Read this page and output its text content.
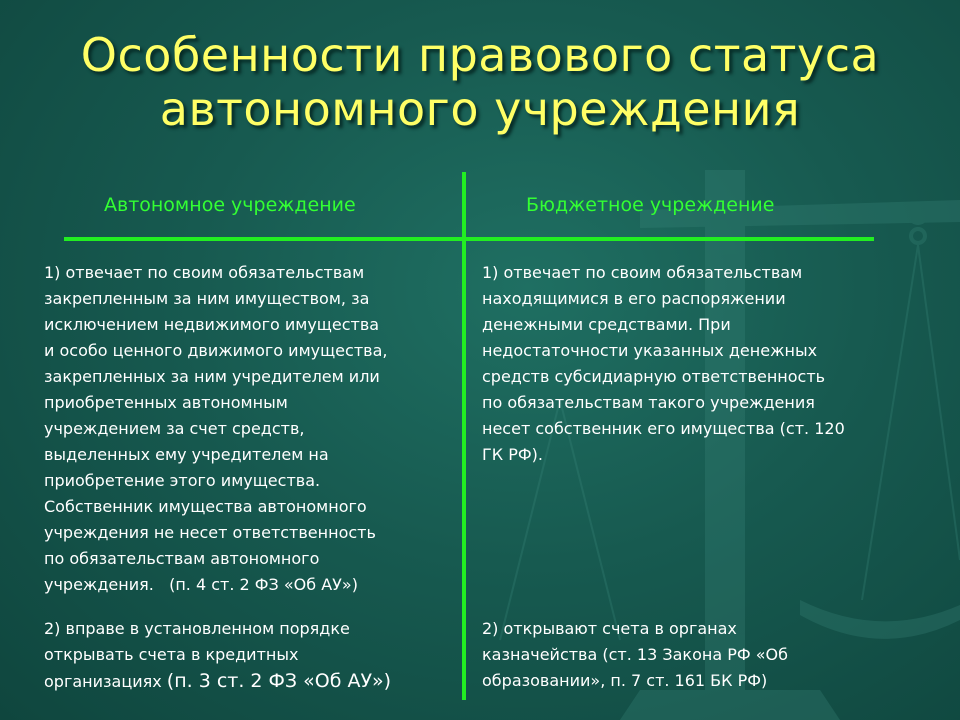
Особенности правового статуса
автономного учреждения
Автономное учреждение	Бюджетное учреждение
1) отвечает по своим обязательствам
закрепленным за ним имуществом, за
исключением недвижимого имущества
и особо ценного движимого имущества,
закрепленных за ним учредителем или
приобретенных автономным
учреждением за счет средств,
выделенных ему учредителем на
приобретение этого имущества.
Собственник имущества автономного
учреждения не несет ответственность
по обязательствам автономного
учреждения.   (п. 4 ст. 2 ФЗ «Об АУ»)
2) вправе в установленном порядке
открывать счета в кредитных
организациях (п. 3 ст. 2 ФЗ «Об АУ»)
1) отвечает по своим обязательствам
находящимися в его распоряжении
денежными средствами. При
недостаточности указанных денежных
средств субсидиарную ответственность
по обязательствам такого учреждения
несет собственник его имущества (ст. 120
ГК РФ).
2) открывают счета в органах
казначейства (ст. 13 Закона РФ «Об
образовании», п. 7 ст. 161 БК РФ)
